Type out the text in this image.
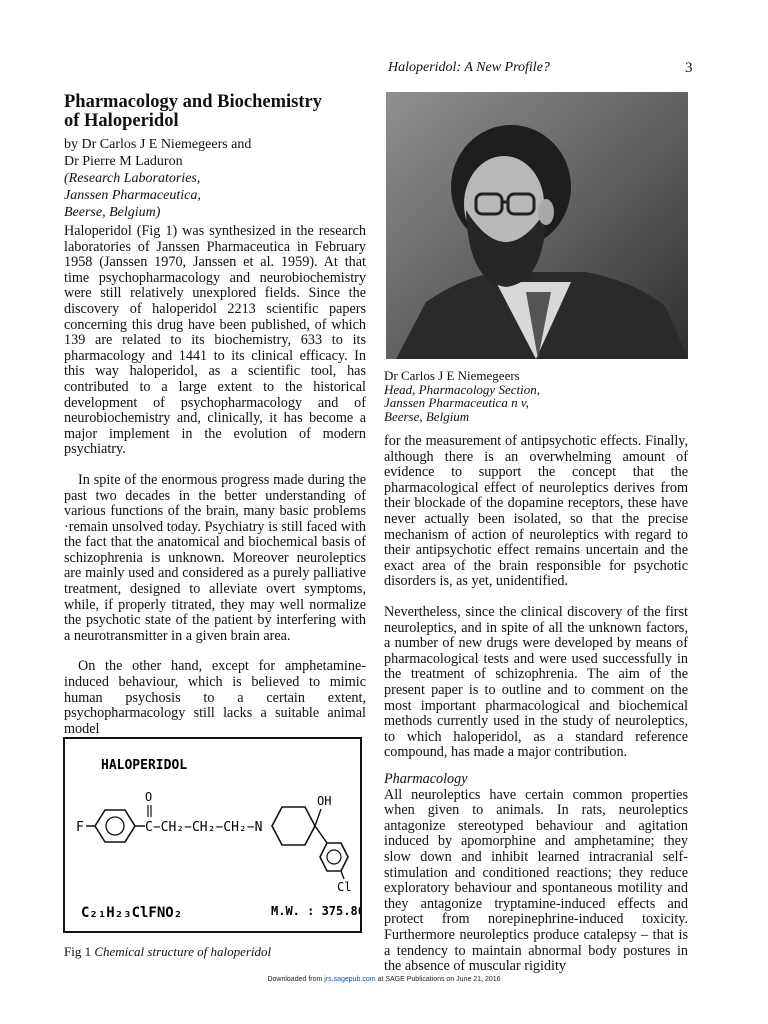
Haloperidol: A New Profile?	3
Pharmacology and Biochemistry
of Haloperidol
by Dr Carlos J E Niemegeers and
Dr Pierre M Laduron
(Research Laboratories,
Janssen Pharmaceutica,
Beerse, Belgium)

Haloperidol (Fig 1) was synthesized in the research laboratories of Janssen Pharmaceutica in February 1958 (Janssen 1970, Janssen et al. 1959). At that time psychopharmacology and neurobiochemistry were still relatively unexplored fields. Since the discovery of haloperidol 2213 scientific papers concerning this drug have been published, of which 139 are related to its biochemistry, 633 to its pharmacology and 1441 to its clinical efficacy. In this way haloperidol, as a scientific tool, has contributed to a large extent to the historical development of psychopharmacology and of neurobiochemistry and, clinically, it has become a major implement in the evolution of modern psychiatry.

In spite of the enormous progress made during the past two decades in the better understanding of various functions of the brain, many basic problems ·remain unsolved today. Psychiatry is still faced with the fact that the anatomical and biochemical basis of schizophrenia is unknown. Moreover neuroleptics are mainly used and considered as a purely palliative treatment, designed to alleviate overt symptoms, while, if properly titrated, they may well normalize the psychotic state of the patient by interfering with a neurotransmitter in a given brain area.

On the other hand, except for amphetamine-induced behaviour, which is believed to mimic human psychosis to a certain extent, psychopharmacology still lacks a suitable animal model

Dr Carlos J E Niemegeers
Head, Pharmacology Section,
Janssen Pharmaceutica n v,
Beerse, Belgium

for the measurement of antipsychotic effects. Finally, although there is an overwhelming amount of evidence to support the concept that the pharmacological effect of neuroleptics derives from their blockade of the dopamine receptors, these have never actually been isolated, so that the precise mechanism of action of neuroleptics with regard to their antipsychotic effect remains uncertain and the exact area of the brain responsible for psychotic disorders is, as yet, unidentified.

Nevertheless, since the clinical discovery of the first neuroleptics, and in spite of all the unknown factors, a number of new drugs were developed by means of pharmacological tests and were used successfully in the treatment of schizophrenia. The aim of the present paper is to outline and to comment on the most important pharmacological and biochemical methods currently used in the study of neuroleptics, to which haloperidol, as a standard reference compound, has made a major contribution.

Pharmacology

All neuroleptics have certain common properties when given to animals. In rats, neuroleptics antagonize stereotyped behaviour and agitation induced by apomorphine and amphetamine; they slow down and inhibit learned intracranial self-stimulation and conditioned reactions; they reduce exploratory behaviour and spontaneous motility and they antagonize tryptamine-induced effects and protect from norepinephrine-induced toxicity. Furthermore neuroleptics produce catalepsy – that is a tendency to maintain abnormal body postures in the absence of muscular rigidity

HALOPERIDOL
F
O
C−CH₂−CH₂−CH₂−N
OH
Cl
C₂₁H₂₃ClFNO₂	M.W. : 375.86
Fig 1 Chemical structure of haloperidol
Downloaded from jrs.sagepub.com at SAGE Publications on June 21, 2016
